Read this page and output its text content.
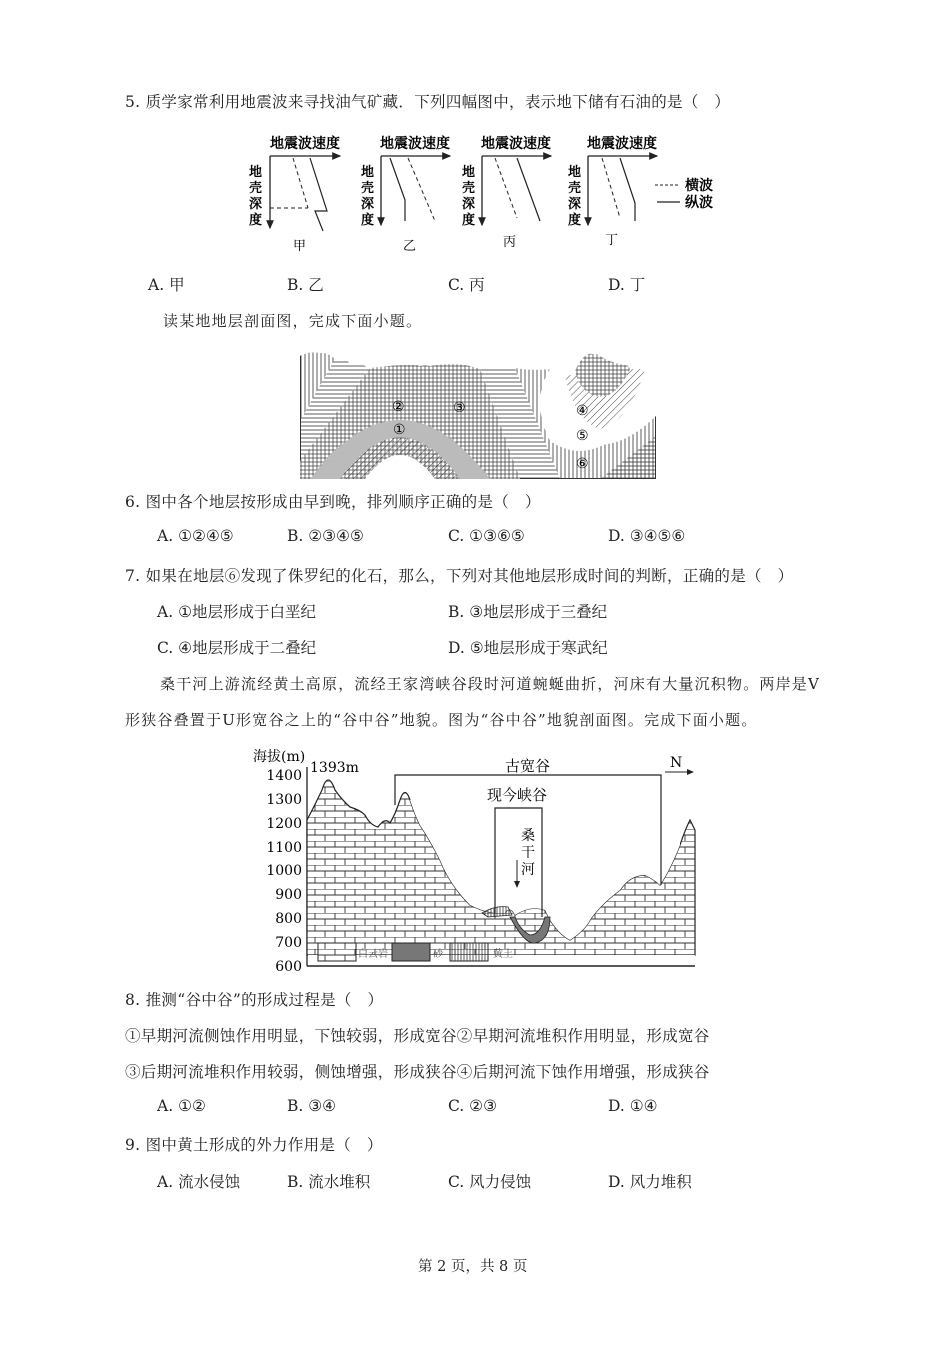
5. 质学家常利用地震波来寻找油气矿藏．下列四幅图中，表示地下储有石油的是（　）
地震波速度
地
壳
深
度
甲
地震波速度
地
壳
深
度
乙
地震波速度
地
壳
深
度
丙
地震波速度
地
壳
深
度
丁
横波
纵波
A. 甲	B. 乙	C. 丙	D. 丁
读某地地层剖面图，完成下面小题。
②	③
①
④
⑤
⑥
6. 图中各个地层按形成由早到晚，排列顺序正确的是（　）
A. ①②④⑤	B. ②③④⑤	C. ①③⑥⑤	D. ③④⑤⑥
7. 如果在地层⑥发现了侏罗纪的化石，那么，下列对其他地层形成时间的判断，正确的是（　）
A. ①地层形成于白垩纪	B. ③地层形成于三叠纪
C. ④地层形成于二叠纪	D. ⑤地层形成于寒武纪
桑干河上游流经黄土高原，流经王家湾峡谷段时河道蜿蜒曲折，河床有大量沉积物。两岸是V
形狭谷叠置于U形宽谷之上的“谷中谷”地貌。图为“谷中谷”地貌剖面图。完成下面小题。
海拔(m)
1400
1300
1200
1100
1000
900
800
700
600
1393m	古宽谷
现今峡谷
桑
干
河
N
白云岩	砂	黄土
8. 推测“谷中谷”的形成过程是（　）
①早期河流侧蚀作用明显，下蚀较弱，形成宽谷②早期河流堆积作用明显，形成宽谷
③后期河流堆积作用较弱，侧蚀增强，形成狭谷④后期河流下蚀作用增强，形成狭谷
A. ①②	B. ③④	C. ②③	D. ①④
9. 图中黄土形成的外力作用是（　）
A. 流水侵蚀	B. 流水堆积	C. 风力侵蚀	D. 风力堆积
第 2 页，共 8 页
